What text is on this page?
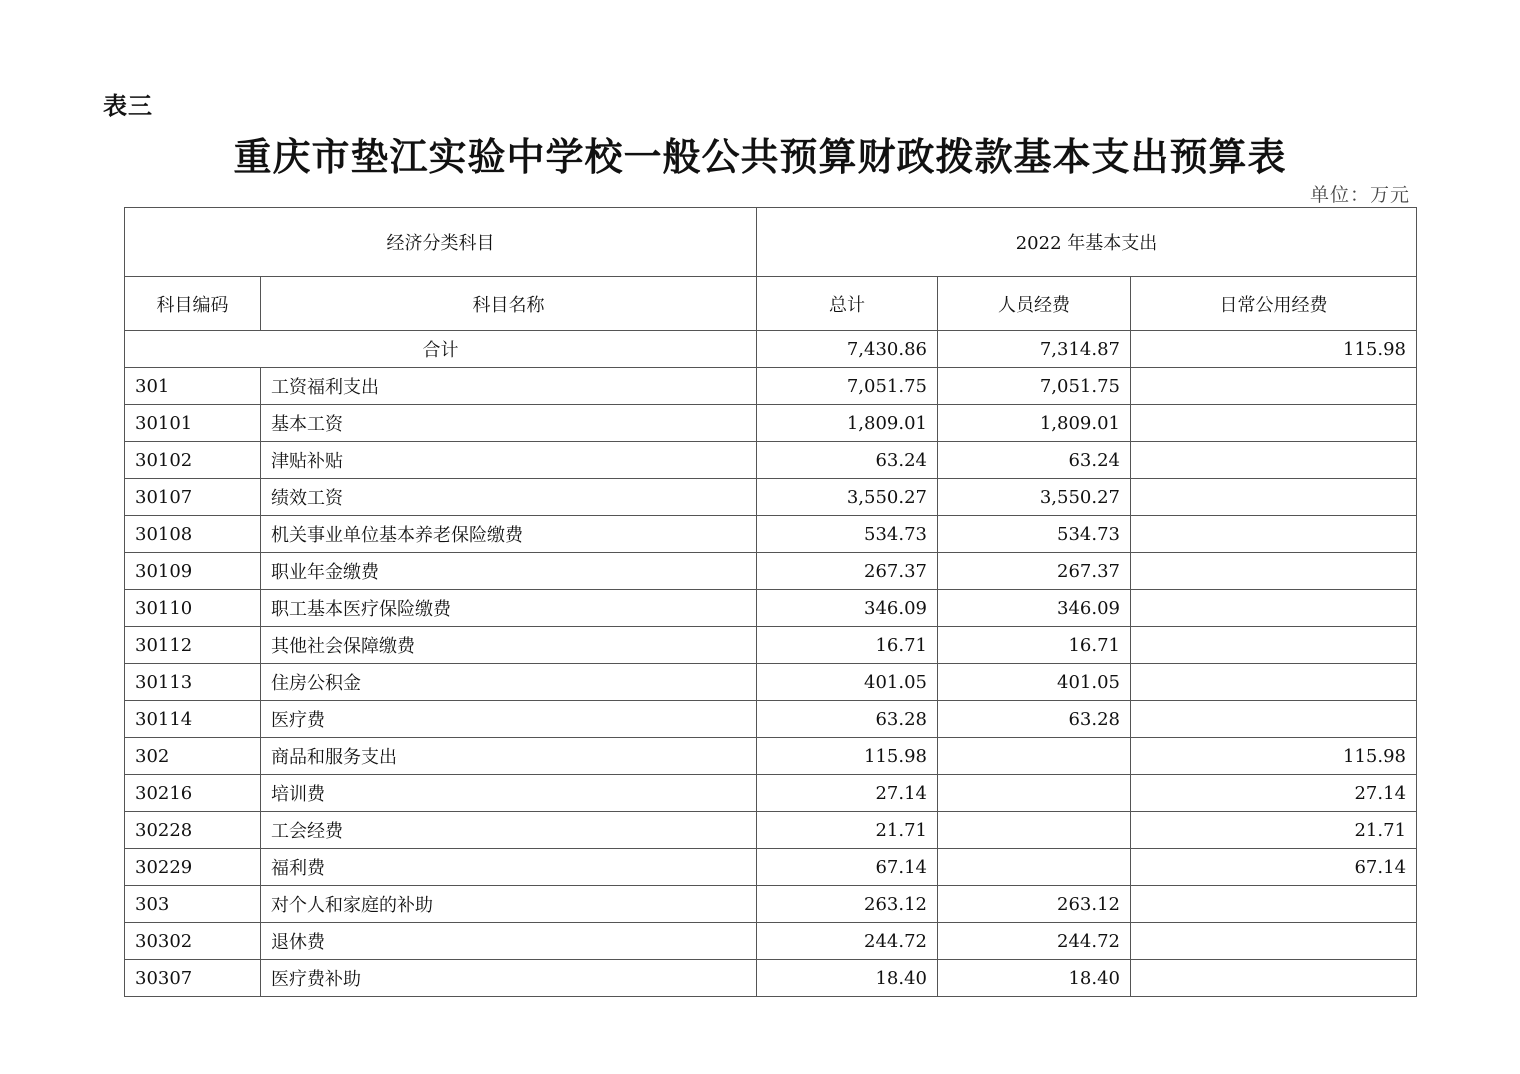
表三
重庆市垫江实验中学校一般公共预算财政拨款基本支出预算表
单位：万元
经济分类科目		2022 年基本支出		
科目编码	科目名称	总计	人员经费	日常公用经费
合计		7,430.86	7,314.87	115.98
301	工资福利支出	7,051.75	7,051.75	
30101	基本工资	1,809.01	1,809.01	
30102	津贴补贴	63.24	63.24	
30107	绩效工资	3,550.27	3,550.27	
30108	机关事业单位基本养老保险缴费	534.73	534.73	
30109	职业年金缴费	267.37	267.37	
30110	职工基本医疗保险缴费	346.09	346.09	
30112	其他社会保障缴费	16.71	16.71	
30113	住房公积金	401.05	401.05	
30114	医疗费	63.28	63.28	
302	商品和服务支出	115.98		115.98
30216	培训费	27.14		27.14
30228	工会经费	21.71		21.71
30229	福利费	67.14		67.14
303	对个人和家庭的补助	263.12	263.12	
30302	退休费	244.72	244.72	
30307	医疗费补助	18.40	18.40	
